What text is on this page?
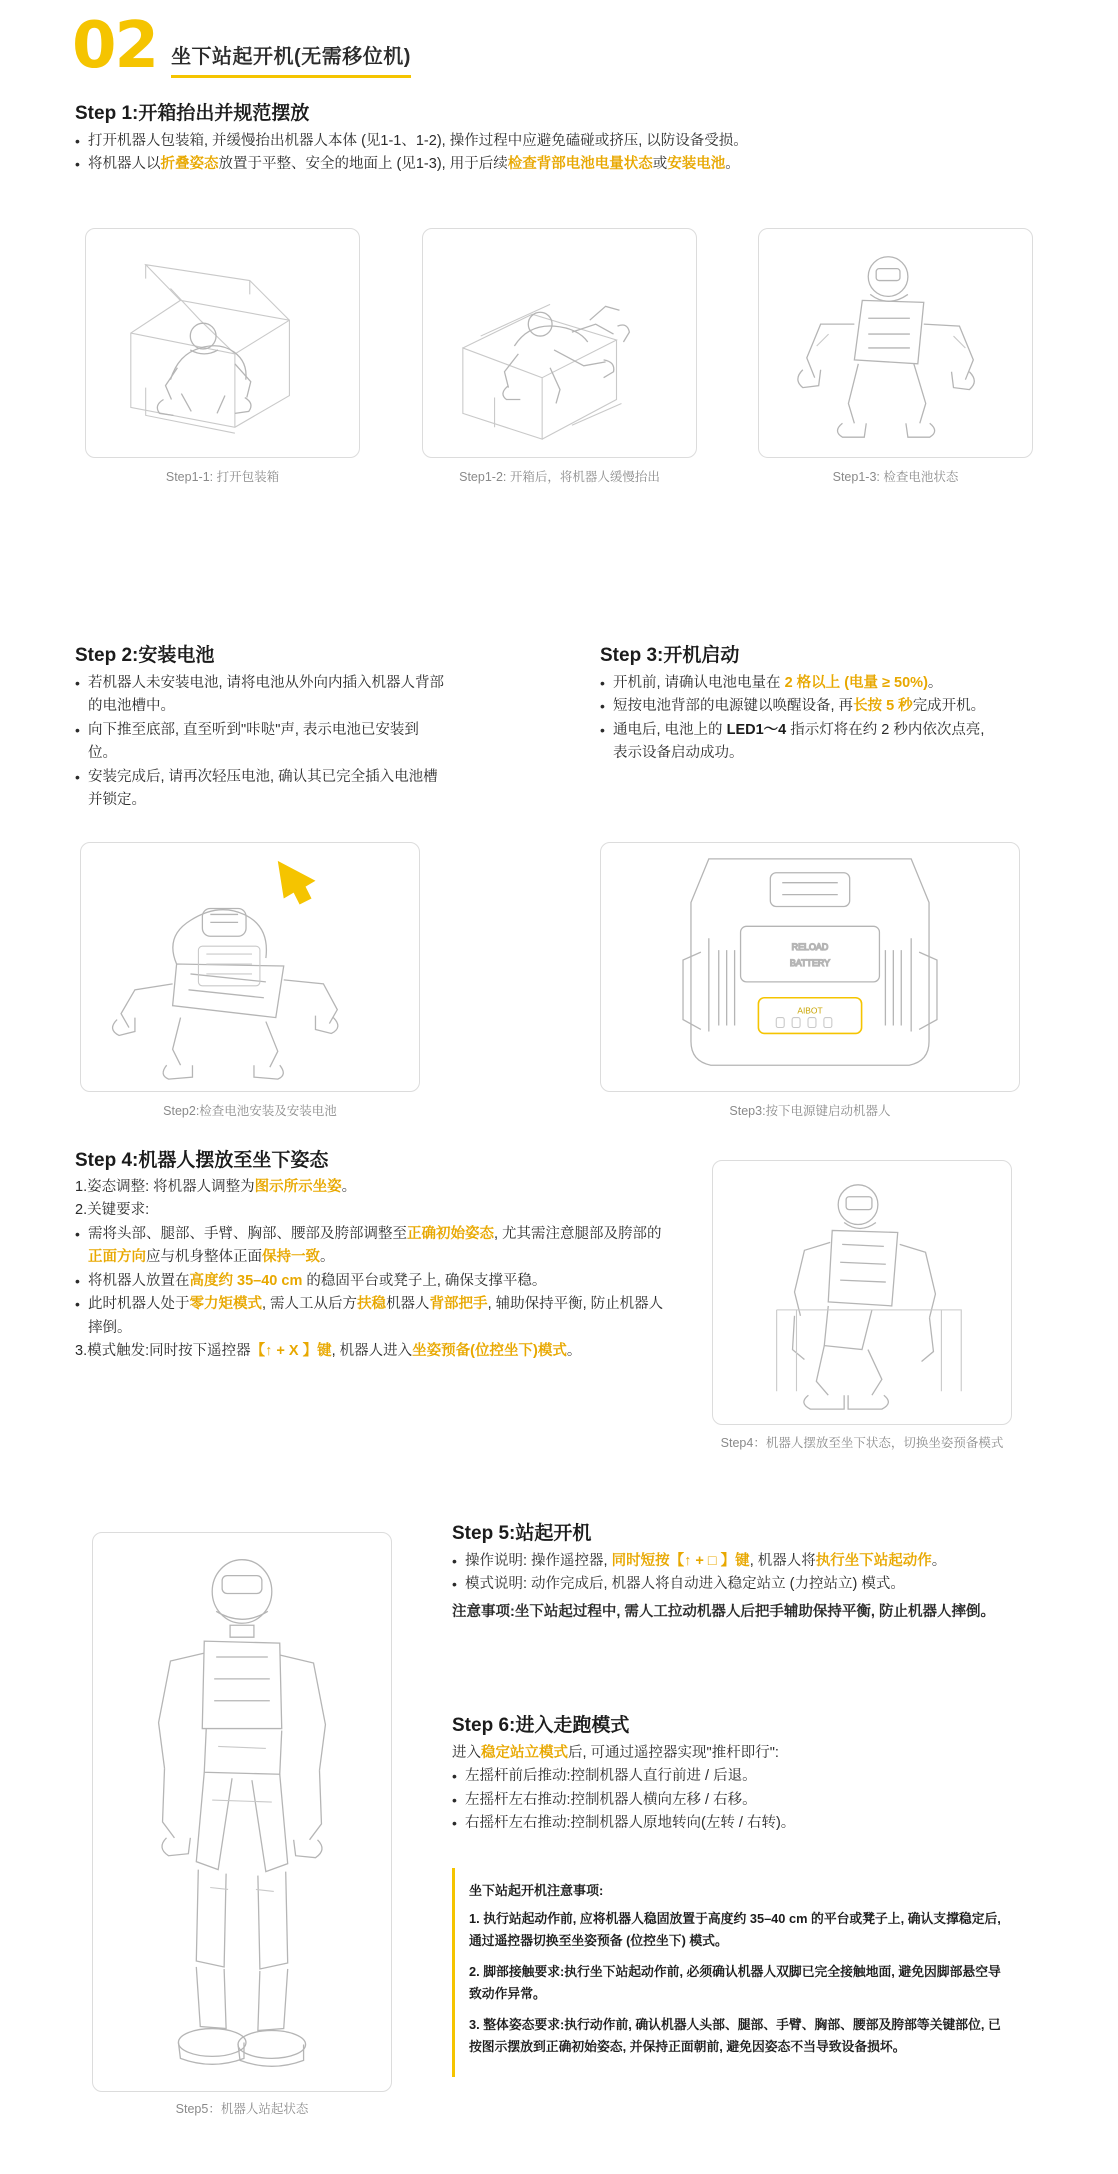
02 坐下站起开机(无需移位机)
Step 1:开箱抬出并规范摆放
• 打开机器人包装箱, 并缓慢抬出机器人本体 (见1-1、1-2), 操作过程中应避免磕碰或挤压, 以防设备受损。
• 将机器人以折叠姿态放置于平整、安全的地面上 (见1-3), 用于后续检查背部电池电量状态或安装电池。
Step1-1: 打开包装箱	Step1-2: 开箱后，将机器人缓慢抬出	Step1-3: 检查电池状态
Step 2:安装电池
• 若机器人未安装电池, 请将电池从外向内插入机器人背部的电池槽中。
• 向下推至底部, 直至听到"咔哒"声, 表示电池已安装到位。
• 安装完成后, 请再次轻压电池, 确认其已完全插入电池槽并锁定。
Step2:检查电池安装及安装电池
Step 3:开机启动
• 开机前, 请确认电池电量在 2 格以上 (电量 ≥ 50%)。
• 短按电池背部的电源键以唤醒设备, 再长按 5 秒完成开机。
• 通电后, 电池上的 LED1～4 指示灯将在约 2 秒内依次点亮, 表示设备启动成功。
RELOAD
BATTERY
AIBOT
Step3:按下电源键启动机器人
Step 4:机器人摆放至坐下姿态
1.姿态调整: 将机器人调整为图示所示坐姿。
2.关键要求:
• 需将头部、腿部、手臂、胸部、腰部及胯部调整至正确初始姿态, 尤其需注意腿部及胯部的正面方向应与机身整体正面保持一致。
• 将机器人放置在高度约 35–40 cm 的稳固平台或凳子上, 确保支撑平稳。
• 此时机器人处于零力矩模式, 需人工从后方扶稳机器人背部把手, 辅助保持平衡, 防止机器人摔倒。
3.模式触发:同时按下遥控器【↑ + X 】键, 机器人进入坐姿预备(位控坐下)模式。
Step4：机器人摆放至坐下状态，切换坐姿预备模式
Step 5:站起开机
• 操作说明: 操作遥控器, 同时短按【↑ + □ 】键, 机器人将执行坐下站起动作。
• 模式说明: 动作完成后, 机器人将自动进入稳定站立 (力控站立) 模式。
注意事项:坐下站起过程中, 需人工拉动机器人后把手辅助保持平衡, 防止机器人摔倒。
Step 6:进入走跑模式
进入稳定站立模式后, 可通过遥控器实现"推杆即行":
• 左摇杆前后推动:控制机器人直行前进 / 后退。
• 左摇杆左右推动:控制机器人横向左移 / 右移。
• 右摇杆左右推动:控制机器人原地转向(左转 / 右转)。
坐下站起开机注意事项:
1. 执行站起动作前, 应将机器人稳固放置于高度约 35–40 cm 的平台或凳子上, 确认支撑稳定后, 通过遥控器切换至坐姿预备 (位控坐下) 模式。
2. 脚部接触要求:执行坐下站起动作前, 必须确认机器人双脚已完全接触地面, 避免因脚部悬空导致动作异常。
3. 整体姿态要求:执行动作前, 确认机器人头部、腿部、手臂、胸部、腰部及胯部等关键部位, 已按图示摆放到正确初始姿态, 并保持正面朝前, 避免因姿态不当导致设备损坏。
Step5：机器人站起状态
